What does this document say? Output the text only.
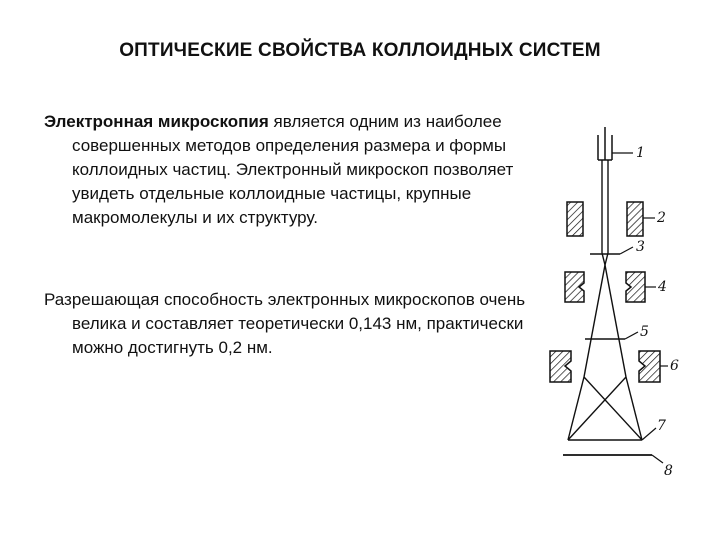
ОПТИЧЕСКИЕ СВОЙСТВА КОЛЛОИДНЫХ СИСТЕМ
Электронная микроскопия является одним из наиболее совершенных методов определения размера и формы коллоидных частиц. Электронный микроскоп позволяет увидеть отдельные коллоидные частицы, крупные макромолекулы и их структуру.
Разрешающая способность электронных микроскопов очень велика и составляет теоретически 0,143 нм, практически можно достигнуть 0,2 нм.
1
2
3
4
5
6
7
8
